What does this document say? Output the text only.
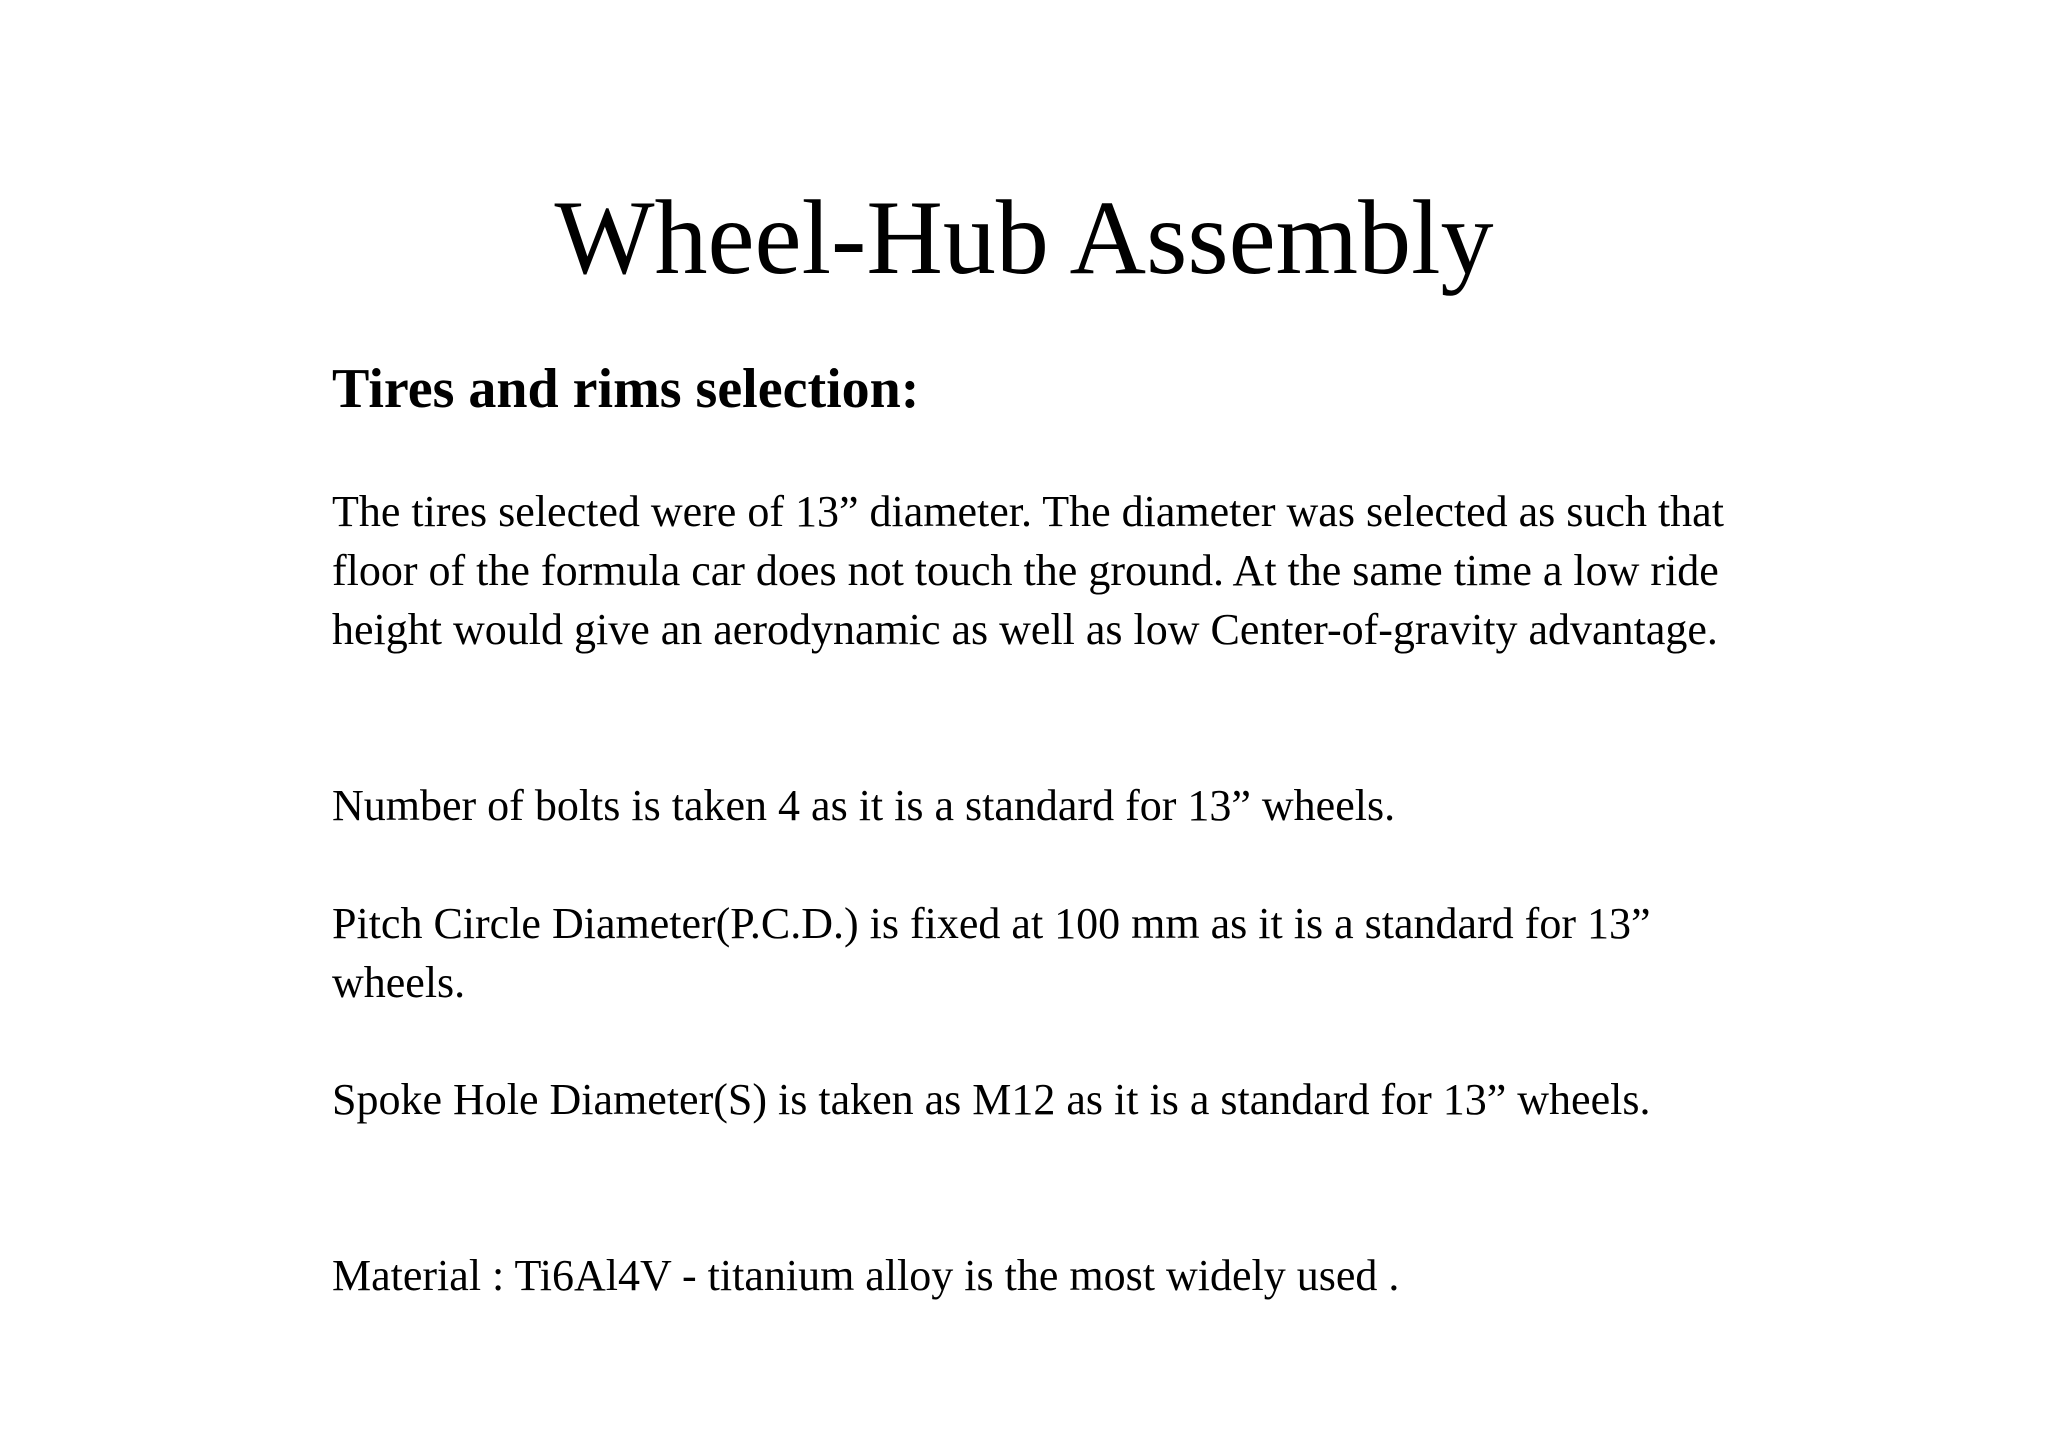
Wheel-Hub Assembly
Tires and rims selection:

The tires selected were of 13” diameter. The diameter was selected as such that floor of the formula car does not touch the ground. At the same time a low ride height would give an aerodynamic as well as low Center-of-gravity advantage.

Number of bolts is taken 4 as it is a standard for 13” wheels.

Pitch Circle Diameter(P.C.D.) is fixed at 100 mm as it is a standard for 13” wheels.

Spoke Hole Diameter(S) is taken as M12 as it is a standard for 13” wheels.

Material : Ti6Al4V - titanium alloy is the most widely used .
